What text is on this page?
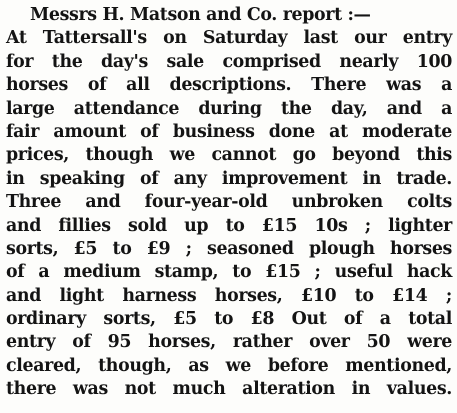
Messrs H. Matson and Co. report :—
At Tattersall's on Saturday last our entry
for the day's sale comprised nearly 100
horses of all descriptions. There was a
large attendance during the day, and a
fair amount of business done at moderate
prices, though we cannot go beyond this
in speaking of any improvement in trade.
Three and four-year-old unbroken colts
and fillies sold up to £15 10s ; lighter
sorts, £5 to £9 ; seasoned plough horses
of a medium stamp, to £15 ; useful hack
and light harness horses, £10 to £14 ;
ordinary sorts, £5 to £8 Out of a total
entry of 95 horses, rather over 50 were
cleared, though, as we before mentioned,
there was not much alteration in values.
